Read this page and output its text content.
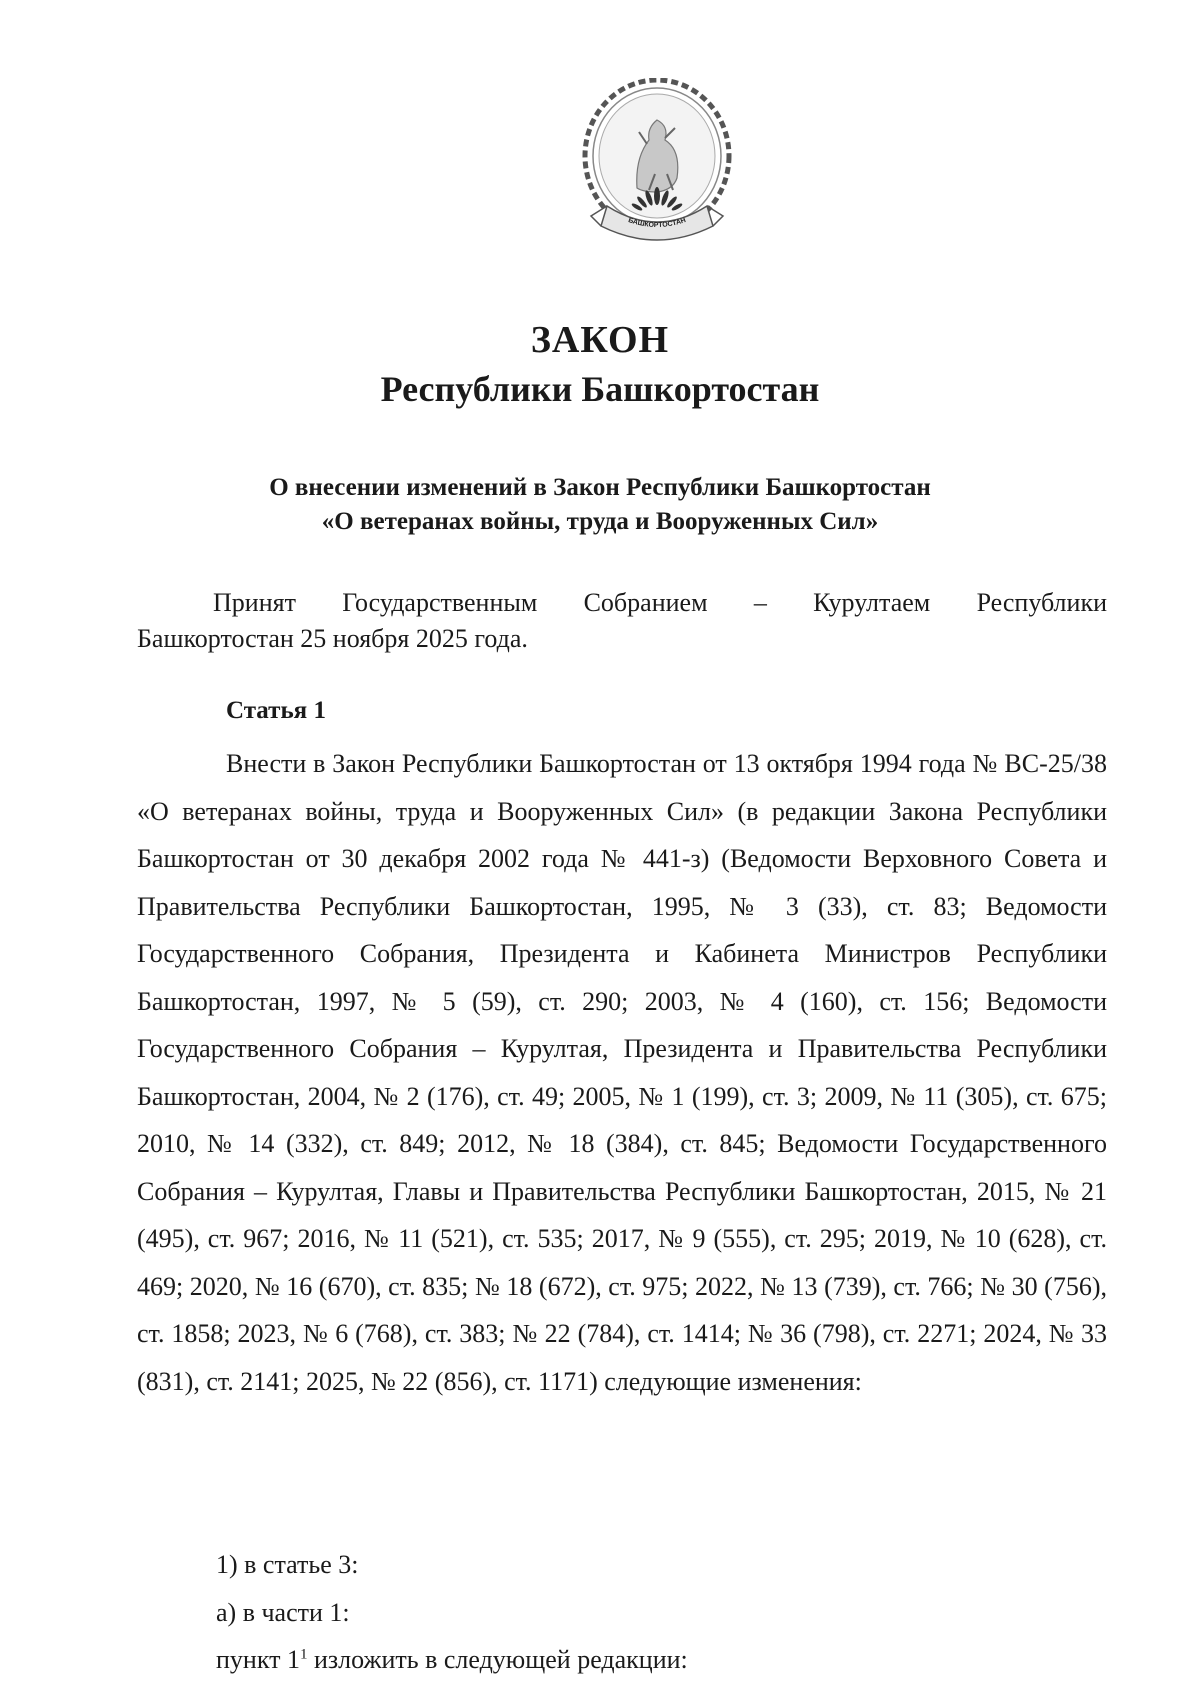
БАШКОРТОСТАН
ЗАКОН
Республики Башкортостан
О внесении изменений в Закон Республики Башкортостан
«О ветеранах войны, труда и Вооруженных Сил»
Принят Государственным Собранием – Курултаем Республики
Башкортостан 25 ноября 2025 года.
Статья 1

Внести в Закон Республики Башкортостан от 13 октября 1994 года № ВС-25/38 «О ветеранах войны, труда и Вооруженных Сил» (в редакции Закона Республики Башкортостан от 30 декабря 2002 года № 441-з) (Ведомости Верховного Совета и Правительства Республики Башкортостан, 1995, № 3 (33), ст. 83; Ведомости Государственного Собрания, Президента и Кабинета Министров Республики Башкортостан, 1997, № 5 (59), ст. 290; 2003, № 4 (160), ст. 156; Ведомости Государственного Собрания – Курултая, Президента и Правительства Республики Башкортостан, 2004, № 2 (176), ст. 49; 2005, № 1 (199), ст. 3; 2009, № 11 (305), ст. 675; 2010, № 14 (332), ст. 849; 2012, № 18 (384), ст. 845; Ведомости Государственного Собрания – Курултая, Главы и Правительства Республики Башкортостан, 2015, № 21 (495), ст. 967; 2016, № 11 (521), ст. 535; 2017, № 9 (555), ст. 295; 2019, № 10 (628), ст. 469; 2020, № 16 (670), ст. 835; № 18 (672), ст. 975; 2022, № 13 (739), ст. 766; № 30 (756), ст. 1858; 2023, № 6 (768), ст. 383; № 22 (784), ст. 1414; № 36 (798), ст. 2271; 2024, № 33 (831), ст. 2141; 2025, № 22 (856), ст. 1171) следующие изменения:

1) в статье 3:
а) в части 1:
пункт $1^1$ изложить в следующей редакции:
